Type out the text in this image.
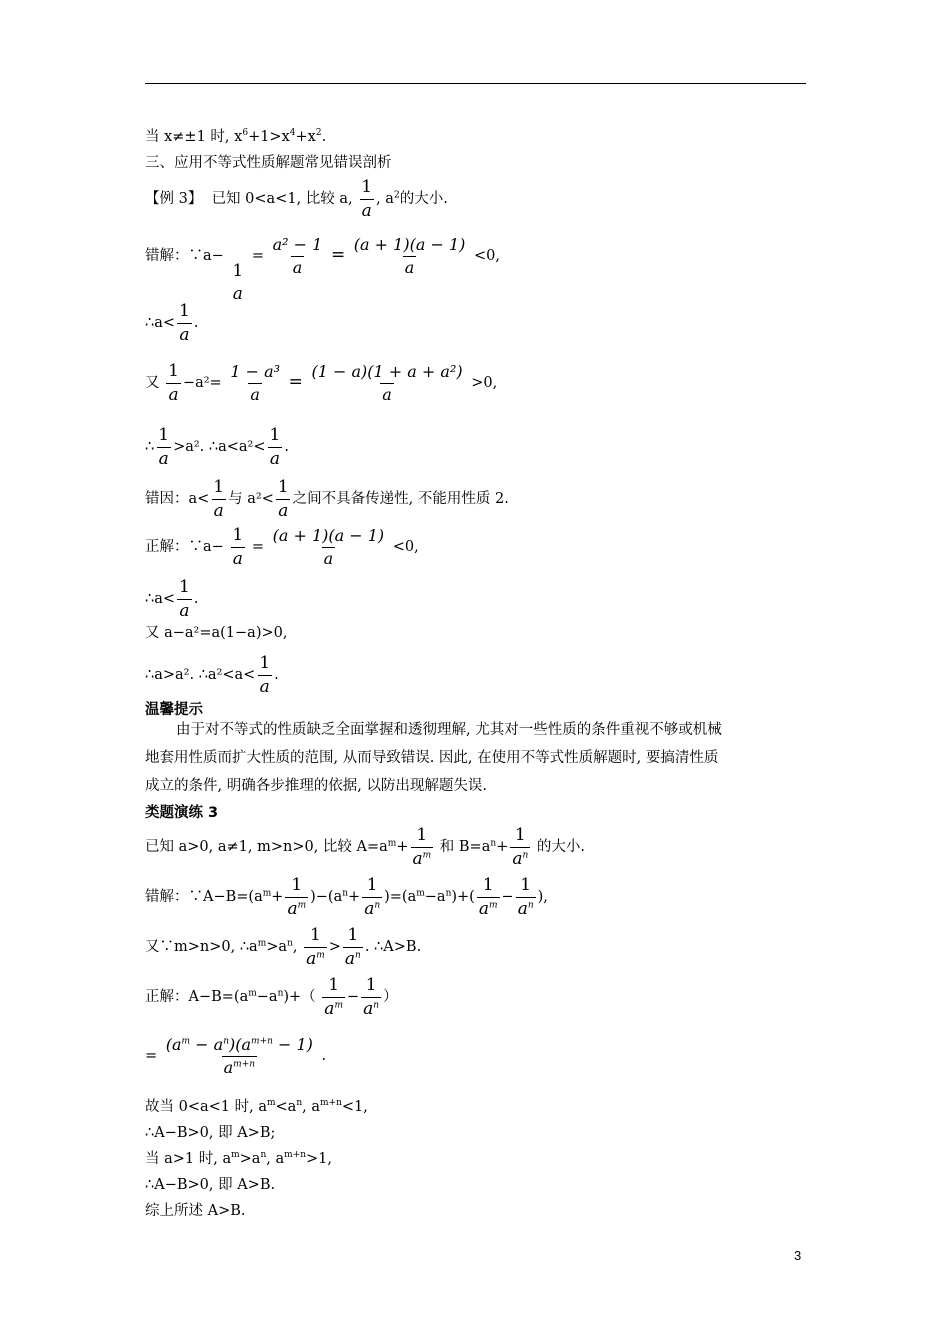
当 x≠±1 时, $x^6+1>x^4+x^2$.
三、应用不等式性质解题常见错误剖析
【例 3】 已知 0<a<1, 比较 a, $\frac{1}{a}$ , $a^2$的大小.
错解：∵a−
1
a
= $\frac{\text{a² − 1}}{a} = \frac{(a + 1)(a - 1)}{a} <0$,
∴a< $\frac{1}{a}$ .
又 $\frac{1}{a} -a^2= \frac{\text{1 − a³}}{a} = \frac{\text{(1 − a)(1 + a + a²)}}{a} >0$,
∴ $\frac{1}{a} >a^2$. ∴a<a²< $\frac{1}{a}$ .
错因：$a< \frac{1}{a}$ 与 $a^2< \frac{1}{a}$ 之间不具备传递性, 不能用性质 2.
正解：∵a− $\frac{1}{a} = \frac{(a + 1)(a - 1)}{a} <0$,
∴a< $\frac{1}{a}$ .
又 a−a²=a(1−a)>0,
∴a>a². ∴a²<a< $\frac{1}{a}$ .
温馨提示
由于对不等式的性质缺乏全面掌握和透彻理解, 尤其对一些性质的条件重视不够或机械
地套用性质而扩大性质的范围, 从而导致错误. 因此, 在使用不等式性质解题时, 要搞清性质
成立的条件, 明确各步推理的依据, 以防出现解题失误.
类题演练 3
已知 a>0, a≠1, m>n>0, 比较 $A=a^m+ \frac{1}{a^m}$ 和 $B=a^n+ \frac{1}{a^n}$ 的大小.
错解：$\because A-B=(a^m+ \frac{1}{a^m} )-(a^n+ \frac{1}{a^n} )=(a^m-a^n)+( \frac{1}{a^m} - \frac{1}{a^n}$ ),
又∵m>n>0, $\therefore a^m>a^n$, $\frac{1}{a^m} > \frac{1}{a^n}$ . ∴A>B.
正解：$A-B=(a^m-a^n)+( \frac{1}{a^m} - \frac{1}{a^n}$ ）
= $\frac{(a^m - a^n)(a^{m+n} - 1)}{a^{m+n}}$ .
故当 0<a<1 时, $a^m<a^n$, $a^{m+n}<1$,
∴A−B>0, 即 A>B;
当 a>1 时, $a^m>a^n$, $a^{m+n}>1$,
∴A−B>0, 即 A>B.
综上所述 A>B.
3
